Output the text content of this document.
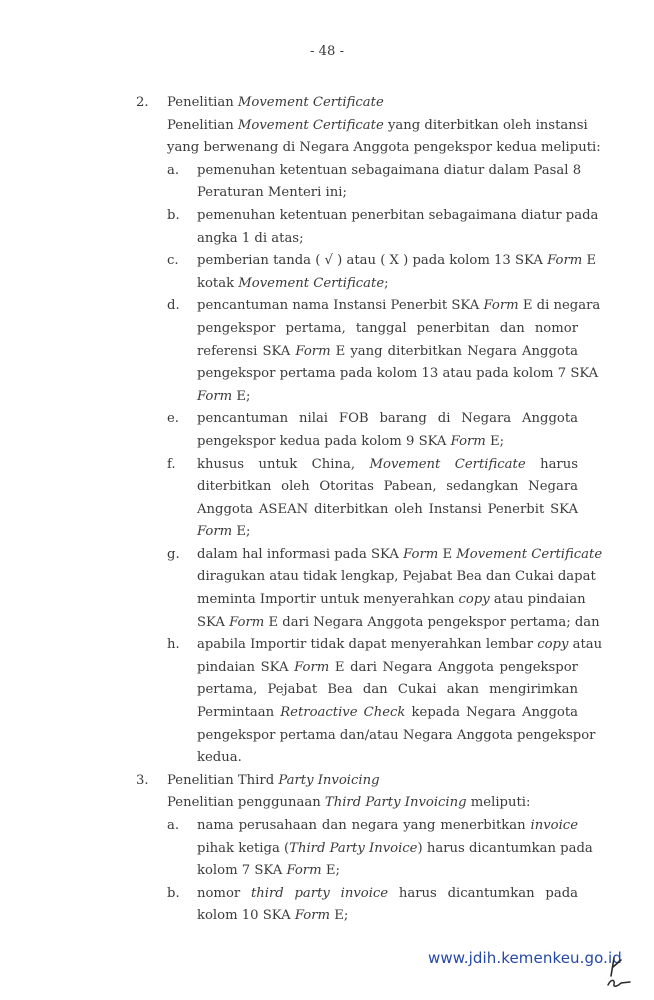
- 48 -
2. Penelitian Movement Certificate
Penelitian Movement Certificate yang diterbitkan oleh instansi
yang berwenang di Negara Anggota pengekspor kedua meliputi:
a. pemenuhan ketentuan sebagaimana diatur dalam Pasal 8
Peraturan Menteri ini;
b. pemenuhan ketentuan penerbitan sebagaimana diatur pada
angka 1 di atas;
c. pemberian tanda ( √ ) atau ( X ) pada kolom 13 SKA Form E
kotak Movement Certificate;
d. pencantuman nama Instansi Penerbit SKA Form E di negara
pengekspor pertama, tanggal penerbitan dan nomor
referensi SKA Form E yang diterbitkan Negara Anggota
pengekspor pertama pada kolom 13 atau pada kolom 7 SKA
Form E;
e. pencantuman nilai FOB barang di Negara Anggota
pengekspor kedua pada kolom 9 SKA Form E;
f. khusus untuk China, Movement Certificate harus
diterbitkan oleh Otoritas Pabean, sedangkan Negara
Anggota ASEAN diterbitkan oleh Instansi Penerbit SKA
Form E;
g. dalam hal informasi pada SKA Form E Movement Certificate
diragukan atau tidak lengkap, Pejabat Bea dan Cukai dapat
meminta Importir untuk menyerahkan copy atau pindaian
SKA Form E dari Negara Anggota pengekspor pertama; dan
h. apabila Importir tidak dapat menyerahkan lembar copy atau
pindaian SKA Form E dari Negara Anggota pengekspor
pertama, Pejabat Bea dan Cukai akan mengirimkan
Permintaan Retroactive Check kepada Negara Anggota
pengekspor pertama dan/atau Negara Anggota pengekspor
kedua.
3. Penelitian Third Party Invoicing
Penelitian penggunaan Third Party Invoicing meliputi:
a. nama perusahaan dan negara yang menerbitkan invoice
pihak ketiga (Third Party Invoice) harus dicantumkan pada
kolom 7 SKA Form E;
b. nomor third party invoice harus dicantumkan pada
kolom 10 SKA Form E;
www.jdih.kemenkeu.go.id
